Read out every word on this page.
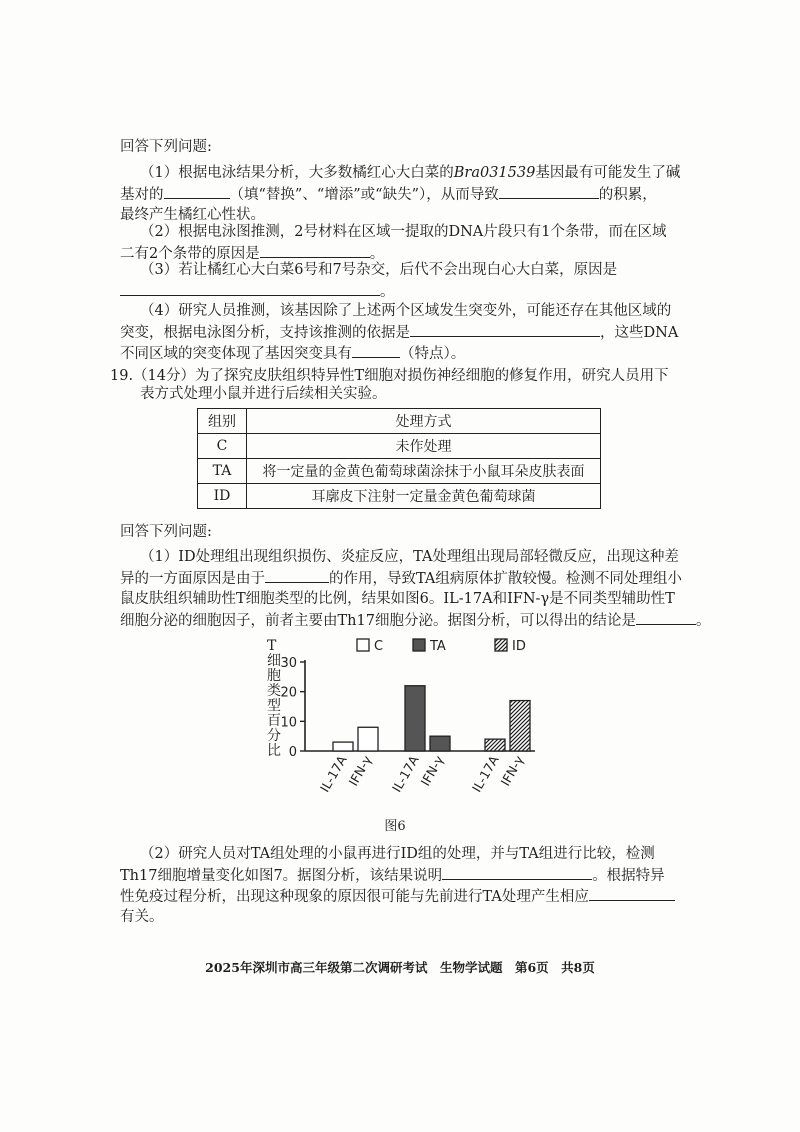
回答下列问题:
（1）根据电泳结果分析，大多数橘红心大白菜的Bra031539基因最有可能发生了碱
基对的	（填“替换”、“增添”或“缺失”），从而导致	的积累，
最终产生橘红心性状。
（2）根据电泳图推测，2号材料在区域一提取的DNA片段只有1个条带，而在区域
二有2个条带的原因是	。
（3）若让橘红心大白菜6号和7号杂交，后代不会出现白心大白菜，原因是
。
（4）研究人员推测，该基因除了上述两个区域发生突变外，可能还存在其他区域的
突变，根据电泳图分析，支持该推测的依据是	，这些DNA
不同区域的突变体现了基因突变具有	（特点）。
19.（14分）为了探究皮肤组织特异性T细胞对损伤神经细胞的修复作用，研究人员用下
表方式处理小鼠并进行后续相关实验。
组别	处理方式
C	未作处理
TA	将一定量的金黄色葡萄球菌涂抹于小鼠耳朵皮肤表面
ID	耳廓皮下注射一定量金黄色葡萄球菌
回答下列问题:
（1）ID处理组出现组织损伤、炎症反应，TA处理组出现局部轻微反应，出现这种差
异的一方面原因是由于	的作用，导致TA组病原体扩散较慢。检测不同处理组小
鼠皮肤组织辅助性T细胞类型的比例，结果如图6。IL-17A和IFN-γ是不同类型辅助性T
细胞分泌的细胞因子，前者主要由Th17细胞分泌。据图分析，可以得出的结论是	。
T 细胞类型百分比 0
10
20
30
IL-17A
IFN-γ IL-17A
IFN-γ IL-17A
IFN-γ
图6
C	TA	ID
（2）研究人员对TA组处理的小鼠再进行ID组的处理，并与TA组进行比较，检测
Th17细胞增量变化如图7。据图分析，该结果说明	。根据特异
性免疫过程分析，出现这种现象的原因很可能与先前进行TA处理产生相应
有关。
2025年深圳市高三年级第二次调研考试　生物学试题　第6页　共8页
